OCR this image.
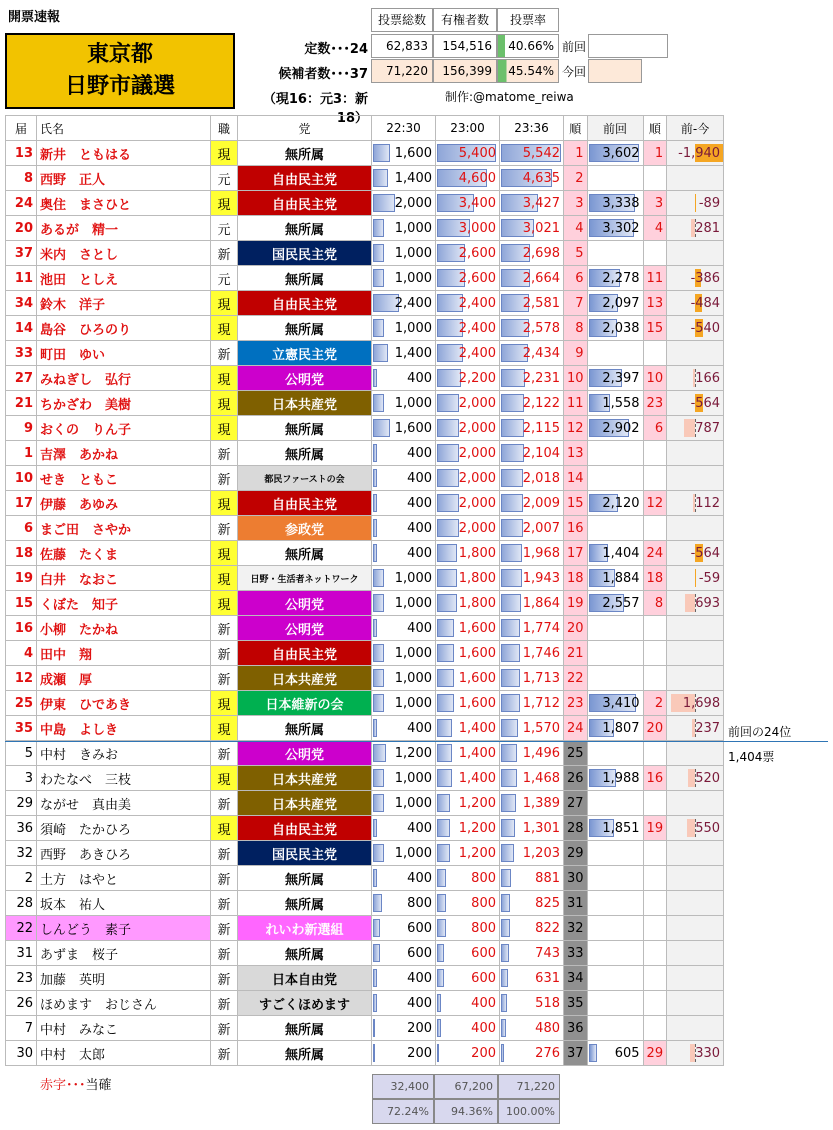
開票速報
東京都
日野市議選
定数･･･24
候補者数･･･37
（現16：元3：新18）
投票総数	有権者数	投票率
62,833	154,516	40.66% 前回
71,220	156,399	45.54% 今回
制作:@matome_reiwa
届	氏名	職	党	22:30	23:00	23:36	順	前回	順	前-今
13	新井　ともはる	現	無所属	1,600	5,400	5,542	1	3,602	1	-1,940
8	西野　正人	元	自由民主党	1,400	4,600	4,635	2			
24	奥住　まさひと	現	自由民主党	2,000	3,400	3,427	3	3,338	3	-89
20	あるが　精一	元	無所属	1,000	3,000	3,021	4	3,302	4	281
37	米内　さとし	新	国民民主党	1,000	2,600	2,698	5			
11	池田　としえ	元	無所属	1,000	2,600	2,664	6	2,278	11	-386
34	鈴木　洋子	現	自由民主党	2,400	2,400	2,581	7	2,097	13	-484
14	島谷　ひろのり	現	無所属	1,000	2,400	2,578	8	2,038	15	-540
33	町田　ゆい	新	立憲民主党	1,400	2,400	2,434	9			
27	みねぎし　弘行	現	公明党	400	2,200	2,231	10	2,397	10	166
21	ちかざわ　美樹	現	日本共産党	1,000	2,000	2,122	11	1,558	23	-564
9	おくの　りん子	現	無所属	1,600	2,000	2,115	12	2,902	6	787
1	吉澤　あかね	新	無所属	400	2,000	2,104	13			
10	せき　ともこ	新	都民ファーストの会	400	2,000	2,018	14			
17	伊藤　あゆみ	現	自由民主党	400	2,000	2,009	15	2,120	12	112
6	まご田　さやか	新	参政党	400	2,000	2,007	16			
18	佐藤　たくま	現	無所属	400	1,800	1,968	17	1,404	24	-564
19	白井　なおこ	現	日野・生活者ネットワーク	1,000	1,800	1,943	18	1,884	18	-59
15	くぼた　知子	現	公明党	1,000	1,800	1,864	19	2,557	8	693
16	小柳　たかね	新	公明党	400	1,600	1,774	20			
4	田中　翔	新	自由民主党	1,000	1,600	1,746	21			
12	成瀬　厚	新	日本共産党	1,000	1,600	1,713	22			
25	伊東　ひであき	現	日本維新の会	1,000	1,600	1,712	23	3,410	2	1,698
35	中島　よしき	現	無所属	400	1,400	1,570	24	1,807	20	237
5	中村　きみお	新	公明党	1,200	1,400	1,496	25			
3	わたなべ　三枝	現	日本共産党	1,000	1,400	1,468	26	1,988	16	520
29	ながせ　真由美	新	日本共産党	1,000	1,200	1,389	27			
36	須崎　たかひろ	現	自由民主党	400	1,200	1,301	28	1,851	19	550
32	西野　あきひろ	新	国民民主党	1,000	1,200	1,203	29			
2	土方　はやと	新	無所属	400	800	881	30			
28	坂本　祐人	新	無所属	800	800	825	31			
22	しんどう　素子	新	れいわ新選組	600	800	822	32			
31	あずま　桜子	新	無所属	600	600	743	33			
23	加藤　英明	新	日本自由党	400	600	631	34			
26	ほめます　おじさん	新	すごくほめます	400	400	518	35			
7	中村　みなこ	新	無所属	200	400	480	36			
30	中村　太郎	新	無所属	200	200	276	37	605	29	330
前回の24位
1,404票
赤字･･･当確	32,400	67,200	71,220
72.24%	94.36%	100.00%
